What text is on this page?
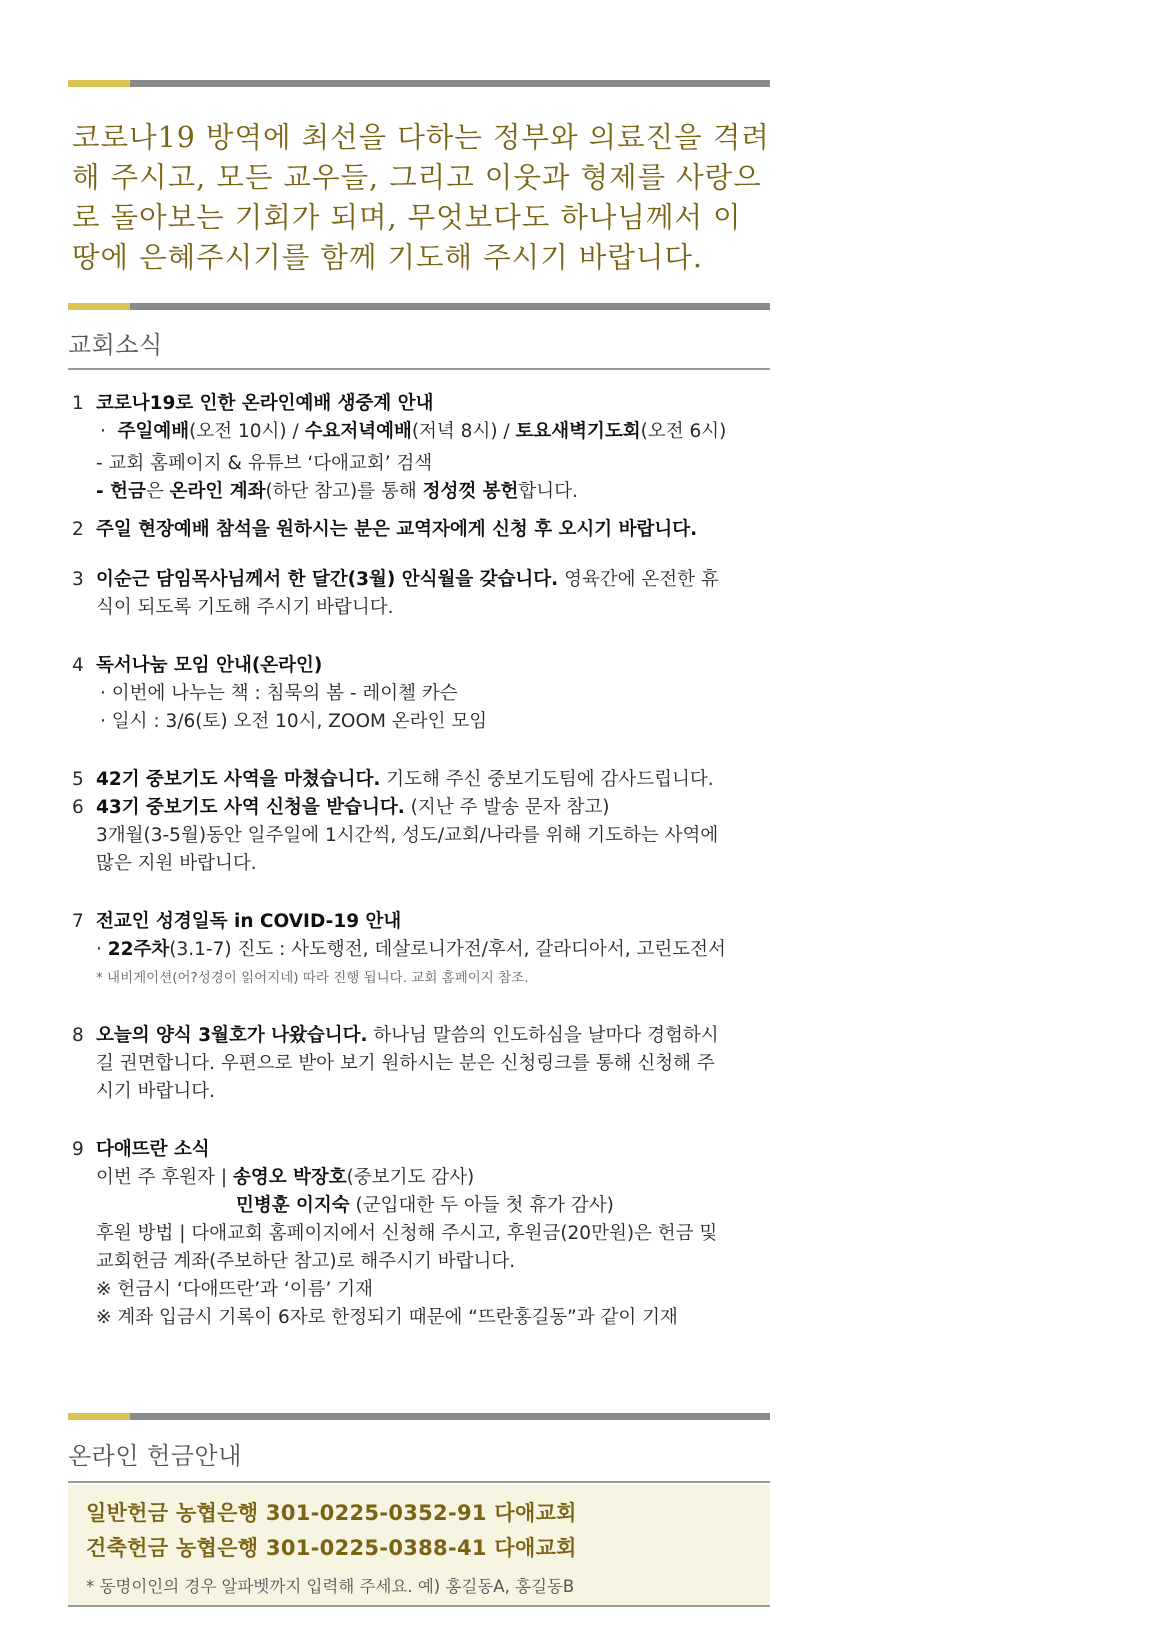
코로나19 방역에 최선을 다하는 정부와 의료진을 격려
해 주시고, 모든 교우들, 그리고 이웃과 형제를 사랑으
로 돌아보는 기회가 되며, 무엇보다도 하나님께서 이
땅에 은혜주시기를 함께 기도해 주시기 바랍니다.
교회소식
1 코로나19로 인한 온라인예배 생중계 안내
·  주일예배(오전 10시) / 수요저녁예배(저녁 8시) / 토요새벽기도회(오전 6시)
- 교회 홈페이지 & 유튜브 ‘다애교회’ 검색
- 헌금은 온라인 계좌(하단 참고)를 통해 정성껏 봉헌합니다.
2 주일 현장예배 참석을 원하시는 분은 교역자에게 신청 후 오시기 바랍니다.
3 이순근 담임목사님께서 한 달간(3월) 안식월을 갖습니다. 영육간에 온전한 휴
식이 되도록 기도해 주시기 바랍니다.
4 독서나눔 모임 안내(온라인)
· 이번에 나누는 책 : 침묵의 봄 - 레이첼 카슨
· 일시 : 3/6(토) 오전 10시, ZOOM 온라인 모임
5 42기 중보기도 사역을 마쳤습니다. 기도해 주신 중보기도팀에 감사드립니다.
6 43기 중보기도 사역 신청을 받습니다. (지난 주 발송 문자 참고)
3개월(3-5월)동안 일주일에 1시간씩, 성도/교회/나라를 위해 기도하는 사역에
많은 지원 바랍니다.
7 전교인 성경일독 in COVID-19 안내
· 22주차(3.1-7) 진도 : 사도행전, 데살로니가전/후서, 갈라디아서, 고린도전서
* 내비게이션(어?성경이 읽어지네) 따라 진행 됩니다. 교회 홈페이지 참조.
8 오늘의 양식 3월호가 나왔습니다. 하나님 말씀의 인도하심을 날마다 경험하시
길 권면합니다. 우편으로 받아 보기 원하시는 분은 신청링크를 통해 신청해 주
시기 바랍니다.
9 다애뜨란 소식
이번 주 후원자 | 송영오 박장호(중보기도 감사)
민병훈 이지숙 (군입대한 두 아들 첫 휴가 감사)
후원 방법 | 다애교회 홈페이지에서 신청해 주시고, 후원금(20만원)은 헌금 및
교회헌금 계좌(주보하단 참고)로 해주시기 바랍니다.
※ 헌금시 ‘다애뜨란’과 ‘이름’ 기재
※ 계좌 입금시 기록이 6자로 한정되기 때문에 “뜨란홍길동”과 같이 기재
온라인 헌금안내
일반헌금 농협은행 301-0225-0352-91 다애교회
건축헌금 농협은행 301-0225-0388-41 다애교회
* 동명이인의 경우 알파벳까지 입력해 주세요. 예) 홍길동A, 홍길동B
